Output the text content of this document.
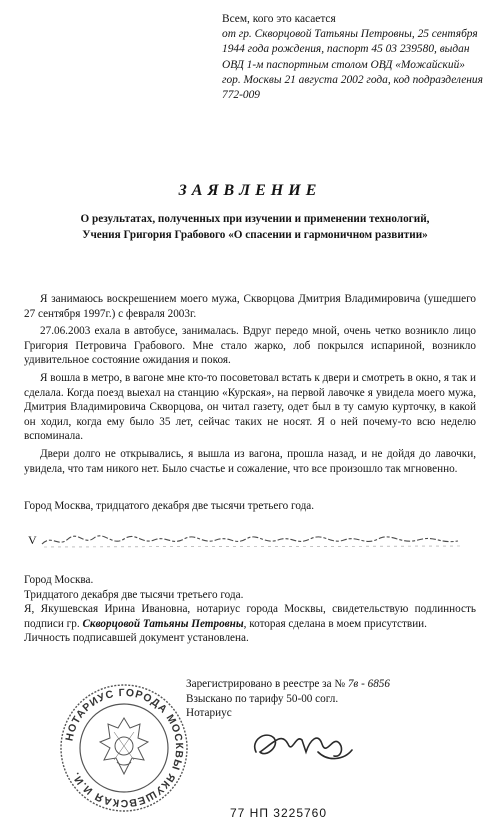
Всем, кого это касается
от гр. Скворцовой Татьяны Петровны, 25 сентября 1944 года рождения, паспорт 45 03 239580, выдан ОВД 1-м паспортным столом ОВД «Можайский» гор. Москвы 21 августа 2002 года, код подразделения 772-009
ЗАЯВЛЕНИЕ
О результатах, полученных при изучении и применении технологий,
Учения Григория Грабового «О спасении и гармоничном развитии»

Я занимаюсь воскрешением моего мужа, Скворцова Дмитрия Владимировича (ушедшего 27 сентября 1997г.) с февраля 2003г.

27.06.2003 ехала в автобусе, занималась. Вдруг передо мной, очень четко возникло лицо Григория Петровича Грабового. Мне стало жарко, лоб покрылся испариной, возникло удивительное состояние ожидания и покоя.

Я вошла в метро, в вагоне мне кто-то посоветовал встать к двери и смотреть в окно, я так и сделала. Когда поезд выехал на станцию «Курская», на первой лавочке я увидела моего мужа, Дмитрия Владимировича Скворцова, он читал газету, одет был в ту самую курточку, в какой он ходил, когда ему было 35 лет, сейчас таких не носят. Я о ней почему-то всю неделю вспоминала.

Двери долго не открывались, я вышла из вагона, прошла назад, и не дойдя до лавочки, увидела, что там никого нет. Было счастье и сожаление, что все произошло так мгновенно.

Город Москва, тридцатого декабря две тысячи третьего года.
V

Город Москва.

Тридцатого декабря две тысячи третьего года.

Я, Якушевская Ирина Ивановна, нотариус города Москвы, свидетельствую подлинность подписи гр. Скворцовой Татьяны Петровны, которая сделана в моем присутствии.

Личность подписавшей документ установлена.

НОТАРИУС ГОРОДА МОСКВЫ ЯКУШЕВСКАЯ И.И.
Зарегистрировано в реестре за № 7в - 6856
Взыскано по тарифу 50-00 согл.
Нотариус
77 НП 3225760
